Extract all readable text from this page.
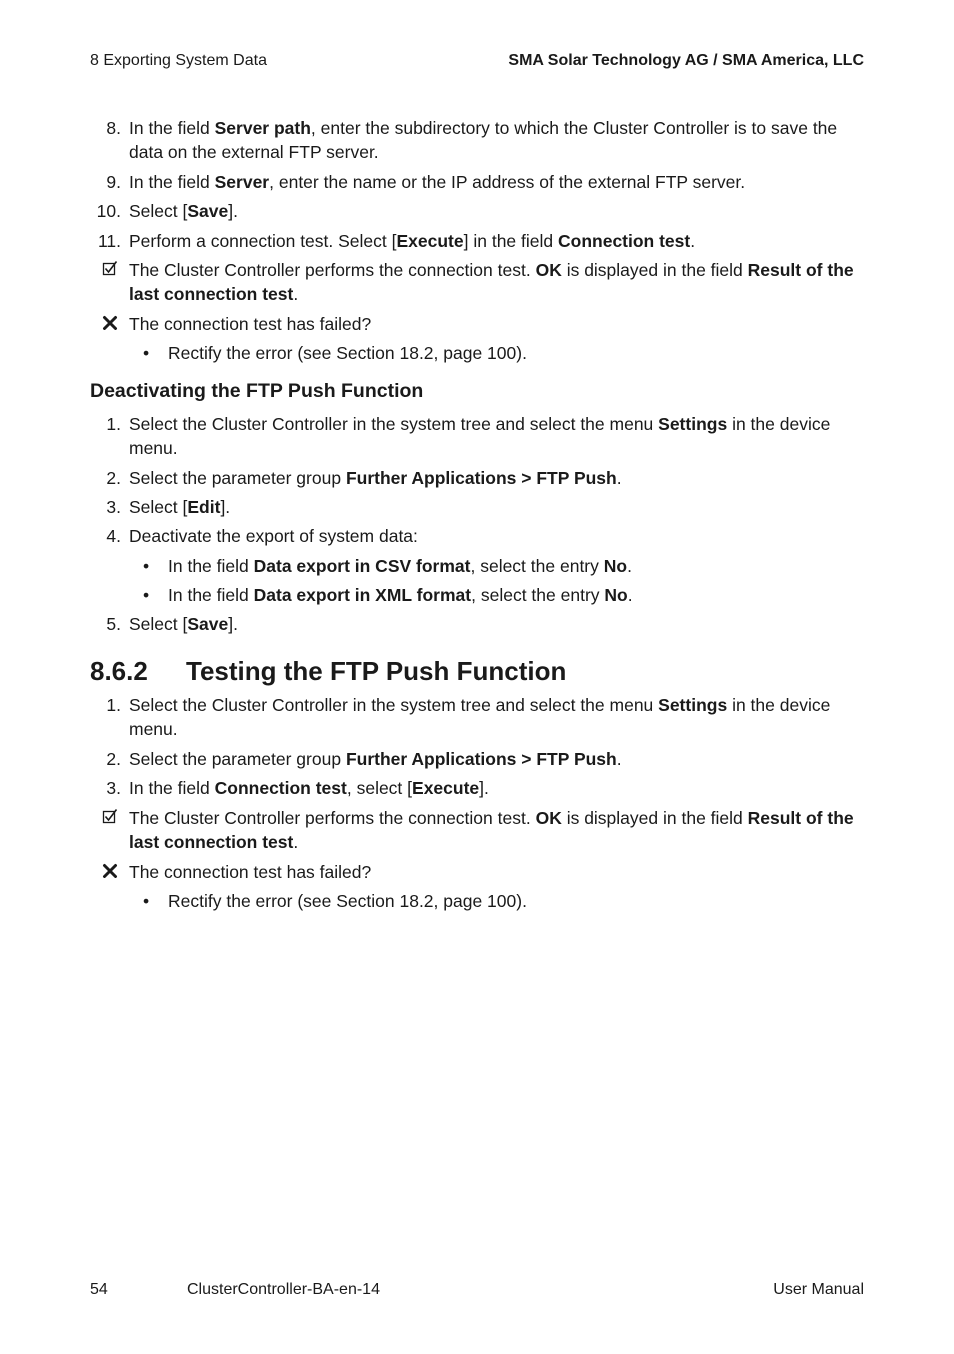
8 Exporting System Data	SMA Solar Technology AG / SMA America, LLC
8. In the field Server path, enter the subdirectory to which the Cluster Controller is to save the data on the external FTP server.
9. In the field Server, enter the name or the IP address of the external FTP server.
10. Select [Save].
11. Perform a connection test. Select [Execute] in the field Connection test.
The Cluster Controller performs the connection test. OK is displayed in the field Result of the last connection test.
The connection test has failed?
• Rectify the error (see Section 18.2, page 100).
Deactivating the FTP Push Function
1. Select the Cluster Controller in the system tree and select the menu Settings in the device menu.
2. Select the parameter group Further Applications > FTP Push.
3. Select [Edit].
4. Deactivate the export of system data:
• In the field Data export in CSV format, select the entry No.
• In the field Data export in XML format, select the entry No.
5. Select [Save].
8.6.2 Testing the FTP Push Function
1. Select the Cluster Controller in the system tree and select the menu Settings in the device menu.
2. Select the parameter group Further Applications > FTP Push.
3. In the field Connection test, select [Execute].
The Cluster Controller performs the connection test. OK is displayed in the field Result of the last connection test.
The connection test has failed?
• Rectify the error (see Section 18.2, page 100).
54	ClusterController-BA-en-14	User Manual
